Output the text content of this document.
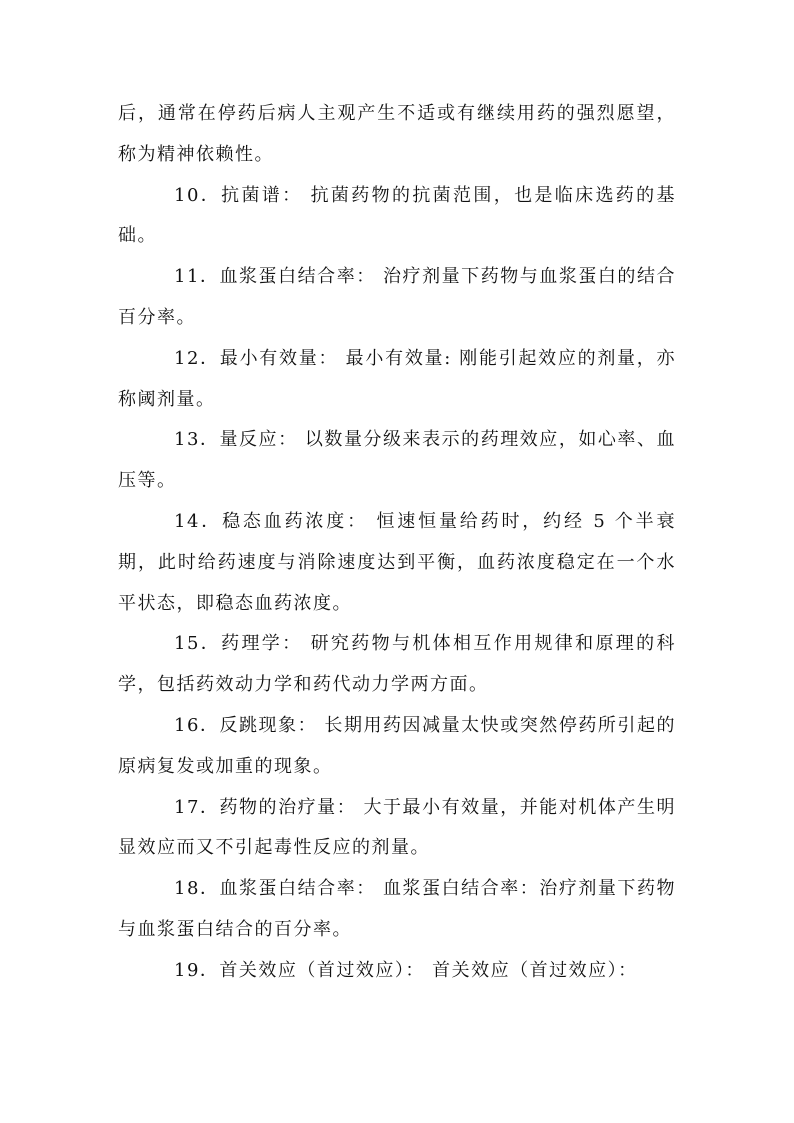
后，通常在停药后病人主观产生不适或有继续用药的强烈愿望，称为精神依赖性。

10．抗菌谱： 抗菌药物的抗菌范围，也是临床选药的基础。

11．血浆蛋白结合率： 治疗剂量下药物与血浆蛋白的结合百分率。

12．最小有效量： 最小有效量: 刚能引起效应的剂量，亦称阈剂量。

13．量反应： 以数量分级来表示的药理效应，如心率、血压等。

14．稳态血药浓度： 恒速恒量给药时，约经 5 个半衰期，此时给药速度与消除速度达到平衡，血药浓度稳定在一个水平状态，即稳态血药浓度。

15．药理学： 研究药物与机体相互作用规律和原理的科学，包括药效动力学和药代动力学两方面。

16．反跳现象： 长期用药因减量太快或突然停药所引起的原病复发或加重的现象。

17．药物的治疗量： 大于最小有效量，并能对机体产生明显效应而又不引起毒性反应的剂量。

18．血浆蛋白结合率： 血浆蛋白结合率：治疗剂量下药物与血浆蛋白结合的百分率。

19．首关效应（首过效应）： 首关效应（首过效应）：
